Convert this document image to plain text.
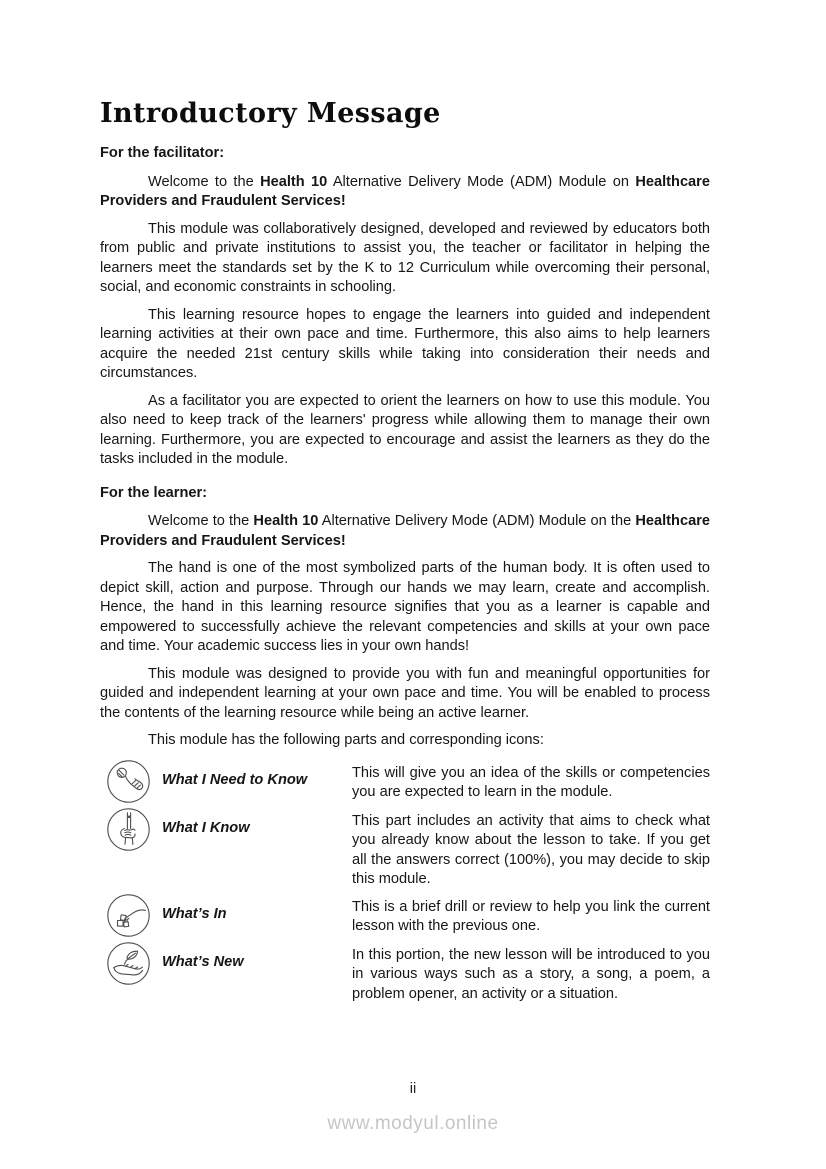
Introductory Message

For the facilitator:

Welcome to the Health 10 Alternative Delivery Mode (ADM) Module on Healthcare Providers and Fraudulent Services!

This module was collaboratively designed, developed and reviewed by educators both from public and private institutions to assist you, the teacher or facilitator in helping the learners meet the standards set by the K to 12 Curriculum while overcoming their personal, social, and economic constraints in schooling.

This learning resource hopes to engage the learners into guided and independent learning activities at their own pace and time. Furthermore, this also aims to help learners acquire the needed 21st century skills while taking into consideration their needs and circumstances.

As a facilitator you are expected to orient the learners on how to use this module. You also need to keep track of the learners' progress while allowing them to manage their own learning. Furthermore, you are expected to encourage and assist the learners as they do the tasks included in the module.

For the learner:

Welcome to the Health 10 Alternative Delivery Mode (ADM) Module on the Healthcare Providers and Fraudulent Services!

The hand is one of the most symbolized parts of the human body. It is often used to depict skill, action and purpose. Through our hands we may learn, create and accomplish. Hence, the hand in this learning resource signifies that you as a learner is capable and empowered to successfully achieve the relevant competencies and skills at your own pace and time. Your academic success lies in your own hands!

This module was designed to provide you with fun and meaningful opportunities for guided and independent learning at your own pace and time. You will be enabled to process the contents of the learning resource while being an active learner.

This module has the following parts and corresponding icons:

What I Need to Know	This will give you an idea of the skills or competencies you are expected to learn in the module.
What I Know	This part includes an activity that aims to check what you already know about the lesson to take. If you get all the answers correct (100%), you may decide to skip this module.
What’s In	This is a brief drill or review to help you link the current lesson with the previous one.
What’s New	In this portion, the new lesson will be introduced to you in various ways such as a story, a song, a poem, a problem opener, an activity or a situation.
ii
www.modyul.online
